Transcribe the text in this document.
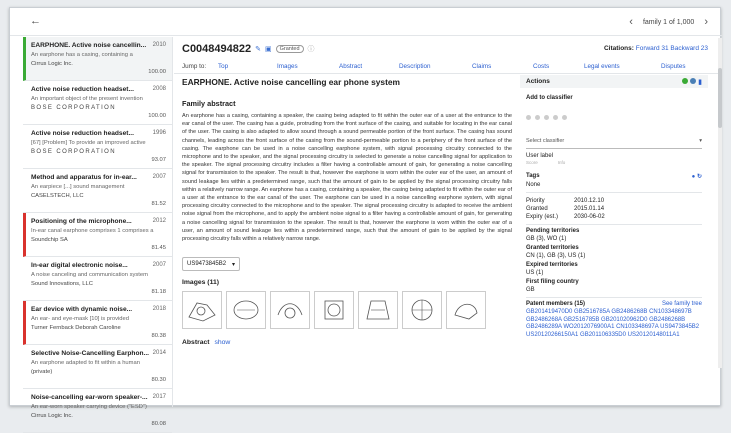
←	‹ family 1 of 1,000 ›
EARPHONE. Active noise cancellin... 2010
An earphone has a casing, containing a
Cirrus Logic Inc.
100.00
Active noise reduction headset...	2008
An important object of the present invention
BOSE CORPORATION
100.00
Active noise reduction headset...	1996
[67] [Problem] To provide an improved active
BOSE CORPORATION
93.07
Method and apparatus for in-ear...	2007
An earpiece [...] sound management
CASELSTECH, LLC
81.52
Positioning of the microphone...	2012
In-ear canal earphone comprises 1 comprises a
Soundchip SA
81.45
In-ear digital electronic noise...	2007
A noise canceling and communication system
Sound Innovations, LLC
81.18
Ear device with dynamic noise...	2018
An ear- and eye-mask [10] is provided
Turner Fernback Deborah Caroline
80.38
Selective Noise-Cancelling Earphon... 2014
An earphone adapted to fit within a human
(private)
80.30
Noise-cancelling ear-worn speaker-... 2017
An ear-worn speaker carrying device ("ESD")
Cirrus Logic Inc.
80.08
C0048494822 ✎ ▣	Granted	ⓘ	Citations: Forward 31 Backward 23
Jump to: Top	Images	Abstract	Description	Claims	Costs	Legal events	Disputes
EARPHONE. Active noise cancelling ear phone system
Family abstract
An earphone has a casing, containing a speaker, the casing being adapted to fit within the outer ear of a user at the entrance to the ear canal of the user. The casing has a guide, protruding from the front surface of the casing, and suitable for locating in the ear canal of the user. The casing is also adapted to allow sound through a sound permeable portion of the front surface. The casing has sound channels, leading across the front surface of the casing from the sound-permeable portion to a periphery of the front surface of the casing. The earphone can be used in a noise cancelling earphone system, with signal processing circuitry connected to the microphone and to the speaker, and the signal processing circuitry is selected to generate a noise cancelling signal for application to the speaker. The signal processing circuitry includes a filter having a controllable amount of gain, for generating a noise cancelling signal for transmission to the speaker. The result is that, however the earphone is worn within the outer ear of the user, an amount of sound leakage lies within a predetermined range, such that the amount of gain to be applied by the signal processing circuitry falls within a relatively narrow range. An earphone has a casing, containing a speaker, the casing being adapted to fit within the outer ear of a user at the entrance to the ear canal of the user. The earphone can be used in a noise cancelling earphone system, with signal processing circuitry connected to the microphone and to the speaker. The signal processing circuitry is adapted to receive the ambient noise signal from the microphone, and to apply the ambient noise signal to a filter having a controllable amount of gain, for generating a noise cancelling signal for transmission to the speaker. The result is that, however the earphone is worn within the outer ear of a user, an amount of sound leakage lies within a predetermined range, such that the amount of gain to be applied by the signal processing circuitry falls within a relatively narrow range.
US9473845B2 ▾
Images (11)
Abstract show
Actions	▮
Add to classifier
Select classifier	▾
User label
Score	Info
Tags	● ↻
None
Priority	2010.12.10
Granted	2015.01.14
Expiry (est.)	2030-06-02
Pending territories
GB (3), WO (1)
Granted territories
CN (1), GB (3), US (1)
Expired territories
US (1)
First filing country
GB
Patent members (15)	See family tree
GB201419470D0 GB2516785A GB2486268B CN103348697B GB2486268A GB2516785B GB201020962D0 GB2486268B GB2486289A WO2012076900A1 CN103348697A US9473845B2 US20120266150A1 GB201106335D0 US20120148011A1
